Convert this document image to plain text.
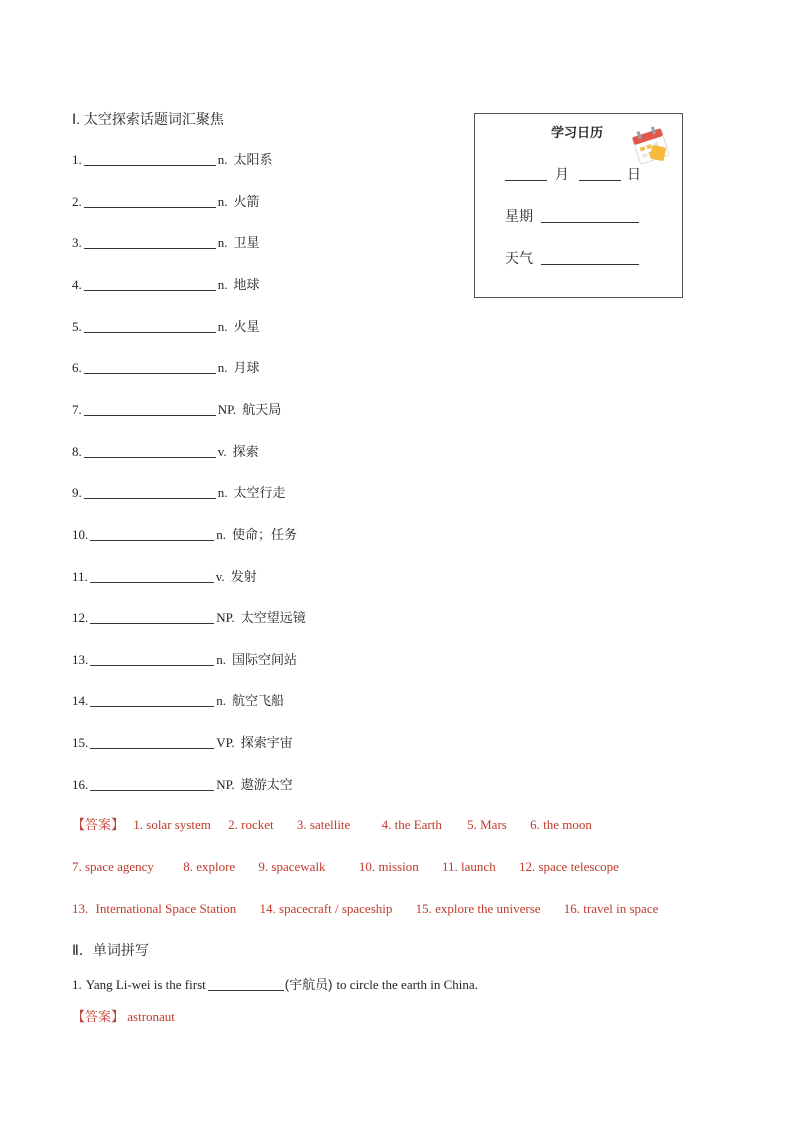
Ⅰ. 太空探索话题词汇聚焦
1.	n. 太阳系
2.	n. 火箭
3.	n. 卫星
4.	n. 地球
5.	n. 火星
6.	n. 月球
7.	NP. 航天局
8.	v. 探索
9.	n. 太空行走
10.	n. 使命；任务
11.	v. 发射
12.	NP. 太空望远镜
13.	n. 国际空间站
14.	n. 航空飞船
15.	VP. 探索宇宙
16.	NP. 遨游太空
【答案】 1. solar system 2. rocket 3. satellite 4. the Earth 5. Mars 6. the moon
7. space agency 8. explore 9. spacewalk	10. mission 11. launch 12. space telescope
13. International Space Station 14. spacecraft / spaceship 15. explore the universe 16. travel in space
Ⅱ．单词拼写
1. Yang Li-wei is the first	(宇航员) to circle the earth in China.
【答案】 astronaut
学习日历
月	日
星期
天气
